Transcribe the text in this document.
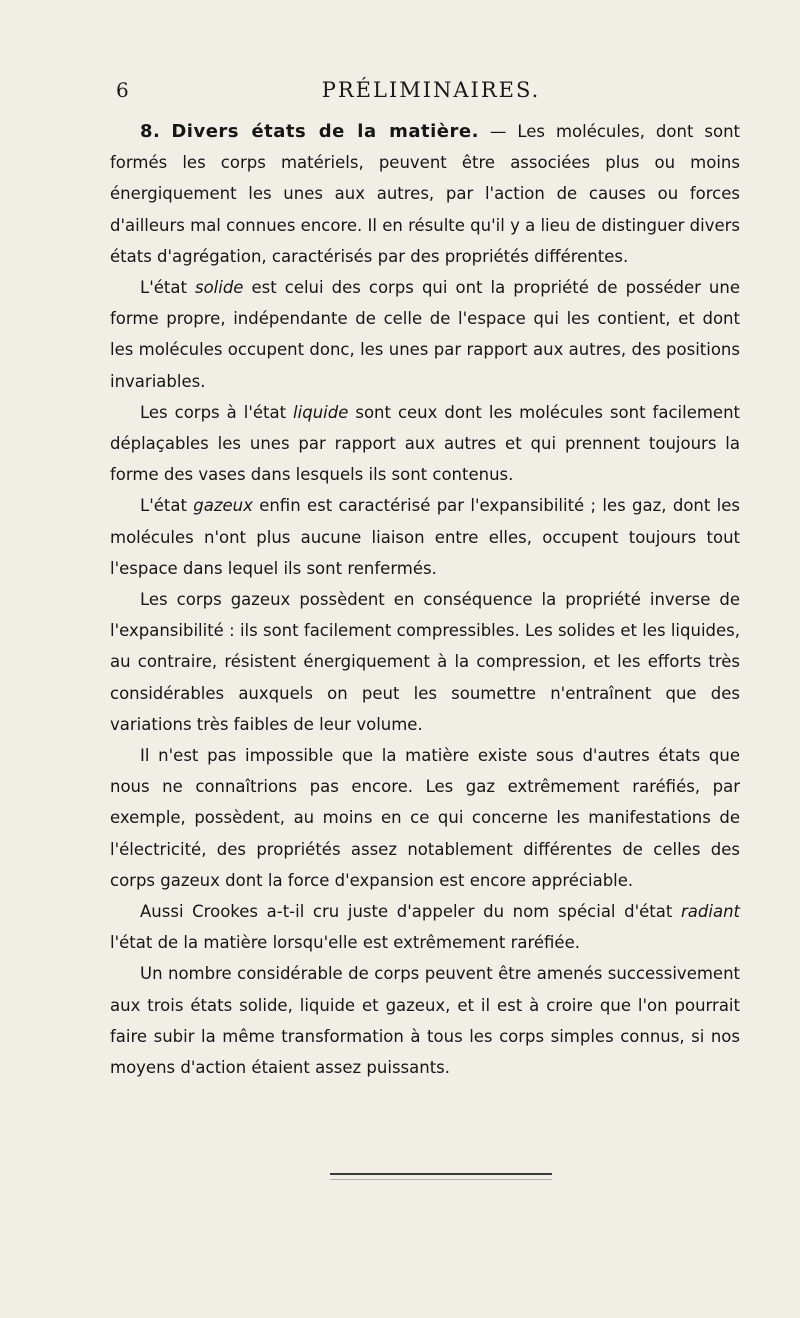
6	PRÉLIMINAIRES.

8. Divers états de la matière. — Les molécules, dont sont formés les corps matériels, peuvent être associées plus ou moins énergiquement les unes aux autres, par l'action de causes ou forces d'ailleurs mal connues encore. Il en résulte qu'il y a lieu de distinguer divers états d'agrégation, caractérisés par des propriétés différentes.

L'état solide est celui des corps qui ont la propriété de posséder une forme propre, indépendante de celle de l'espace qui les contient, et dont les molécules occupent donc, les unes par rapport aux autres, des positions invariables.

Les corps à l'état liquide sont ceux dont les molécules sont facilement déplaçables les unes par rapport aux autres et qui prennent toujours la forme des vases dans lesquels ils sont contenus.

L'état gazeux enfin est caractérisé par l'expansibilité ; les gaz, dont les molécules n'ont plus aucune liaison entre elles, occupent toujours tout l'espace dans lequel ils sont renfermés.

Les corps gazeux possèdent en conséquence la propriété inverse de l'expansibilité : ils sont facilement compressibles. Les solides et les liquides, au contraire, résistent énergiquement à la compression, et les efforts très considérables auxquels on peut les soumettre n'entraînent que des variations très faibles de leur volume.

Il n'est pas impossible que la matière existe sous d'autres états que nous ne connaîtrions pas encore. Les gaz extrêmement raréfiés, par exemple, possèdent, au moins en ce qui concerne les manifestations de l'électricité, des propriétés assez notablement différentes de celles des corps gazeux dont la force d'expansion est encore appréciable.

Aussi Crookes a-t-il cru juste d'appeler du nom spécial d'état radiant l'état de la matière lorsqu'elle est extrêmement raréfiée.

Un nombre considérable de corps peuvent être amenés successivement aux trois états solide, liquide et gazeux, et il est à croire que l'on pourrait faire subir la même transformation à tous les corps simples connus, si nos moyens d'action étaient assez puissants.
